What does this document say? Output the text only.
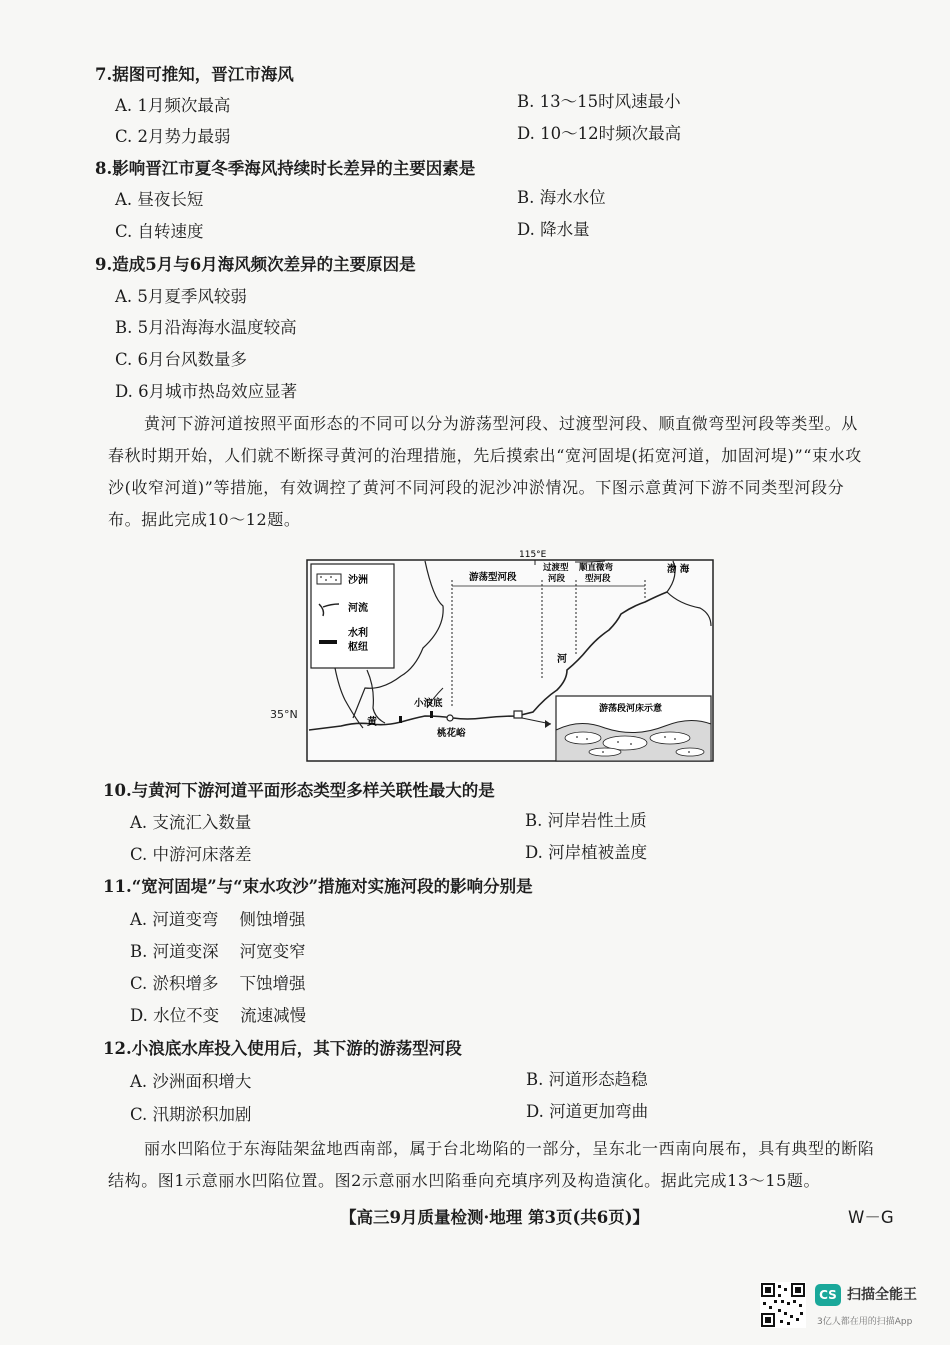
7.据图可推知，晋江市海风
A. 1月频次最高	B. 13～15时风速最小
C. 2月势力最弱	D. 10～12时频次最高
8.影响晋江市夏冬季海风持续时长差异的主要因素是
A. 昼夜长短	B. 海水水位
C. 自转速度	D. 降水量
9.造成5月与6月海风频次差异的主要原因是
A. 5月夏季风较弱
B. 5月沿海海水温度较高
C. 6月台风数量多
D. 6月城市热岛效应显著

黄河下游河道按照平面形态的不同可以分为游荡型河段、过渡型河段、顺直微弯型河段等类型。从

春秋时期开始，人们就不断探寻黄河的治理措施，先后摸索出“宽河固堤(拓宽河道，加固河堤)”“束水攻

沙(收窄河道)”等措施，有效调控了黄河不同河段的泥沙冲淤情况。下图示意黄河下游不同类型河段分

布。据此完成10～12题。

沙洲
河流
水利
枢纽
游荡型河段
过渡型
河段
顺直微弯
型河段
渤 海
115°E
黄
河
小浪底
桃花峪
游荡段河床示意
35°N
10.与黄河下游河道平面形态类型多样关联性最大的是
A. 支流汇入数量	B. 河岸岩性土质
C. 中游河床落差	D. 河岸植被盖度
11.“宽河固堤”与“束水攻沙”措施对实施河段的影响分别是
A. 河道变弯    侧蚀增强
B. 河道变深    河宽变窄
C. 淤积增多    下蚀增强
D. 水位不变    流速减慢
12.小浪底水库投入使用后，其下游的游荡型河段
A. 沙洲面积增大	B. 河道形态趋稳
C. 汛期淤积加剧	D. 河道更加弯曲

丽水凹陷位于东海陆架盆地西南部，属于台北坳陷的一部分，呈东北一西南向展布，具有典型的断陷

结构。图1示意丽水凹陷位置。图2示意丽水凹陷垂向充填序列及构造演化。据此完成13～15题。

【高三9月质量检测·地理 第3页(共6页)】	W－G
CS 扫描全能王
3亿人都在用的扫描App
